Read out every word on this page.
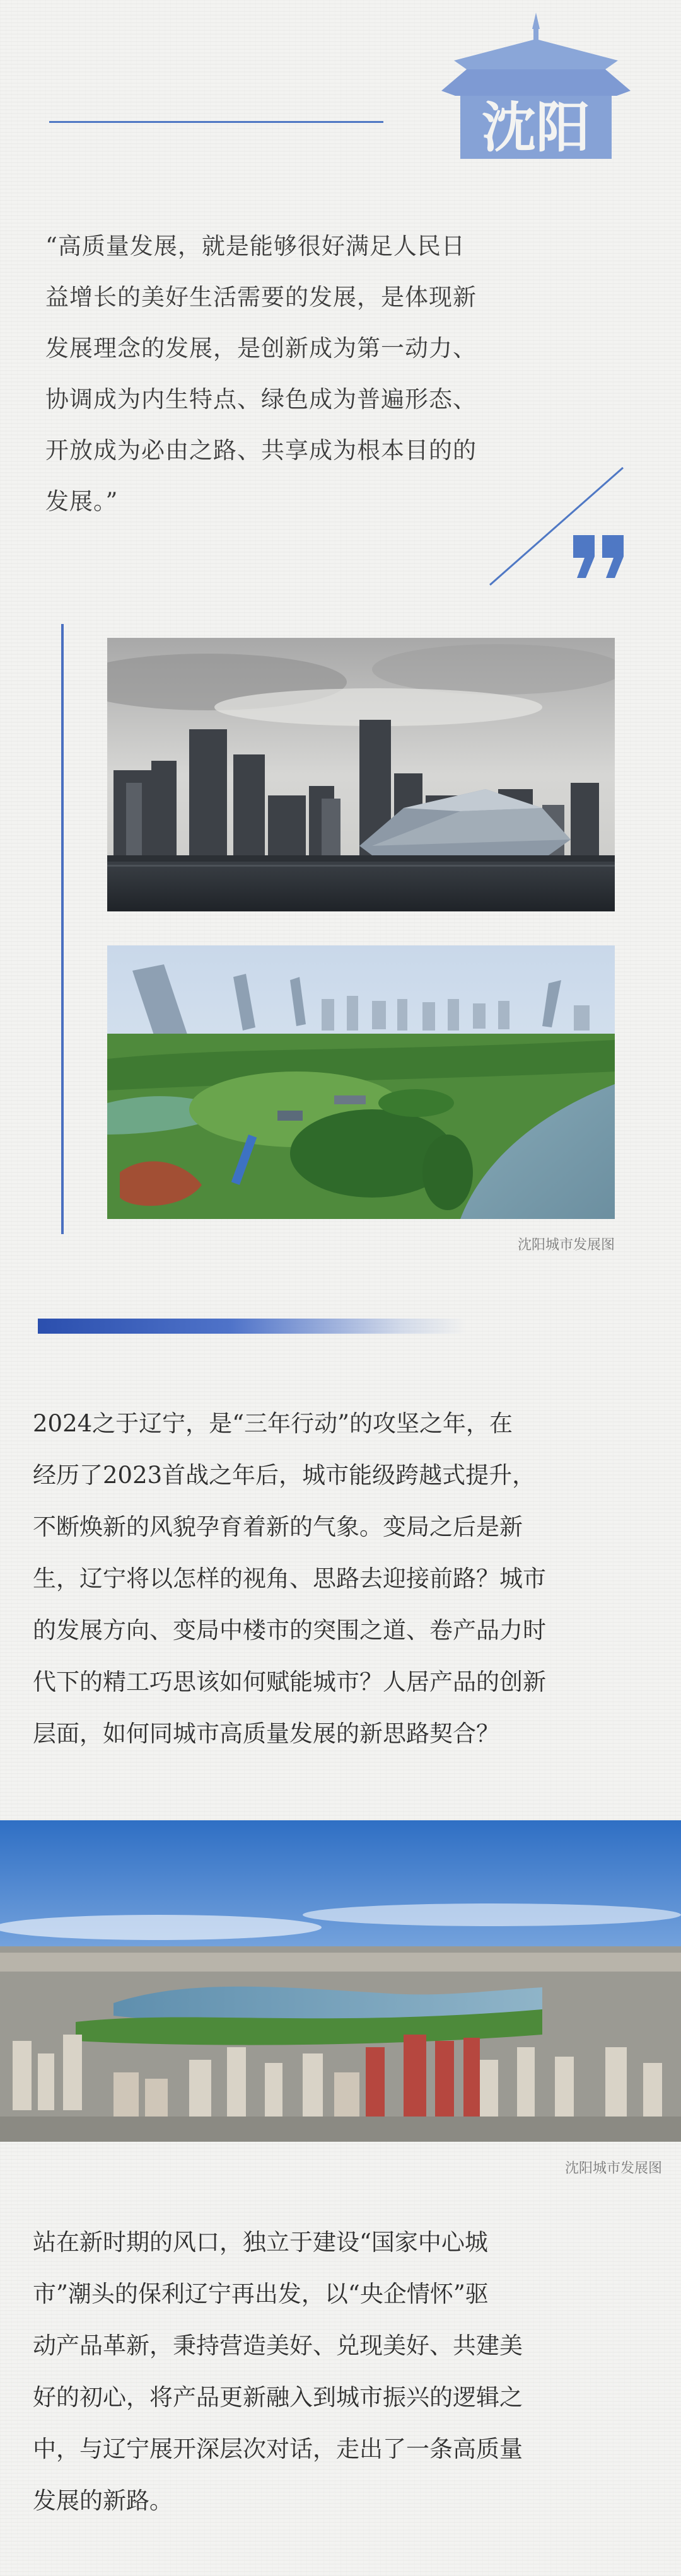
沈阳

“高质量发展，就是能够很好满足人民日

益增长的美好生活需要的发展，是体现新

发展理念的发展，是创新成为第一动力、

协调成为内生特点、绿色成为普遍形态、

开放成为必由之路、共享成为根本目的的

发展。”

沈阳城市发展图

2024之于辽宁，是“三年行动”的攻坚之年，在

经历了2023首战之年后，城市能级跨越式提升，

不断焕新的风貌孕育着新的气象。变局之后是新

生，辽宁将以怎样的视角、思路去迎接前路？城市

的发展方向、变局中楼市的突围之道、卷产品力时

代下的精工巧思该如何赋能城市？人居产品的创新

层面，如何同城市高质量发展的新思路契合？

沈阳城市发展图

站在新时期的风口，独立于建设“国家中心城

市”潮头的保利辽宁再出发，以“央企情怀”驱

动产品革新，秉持营造美好、兑现美好、共建美

好的初心，将产品更新融入到城市振兴的逻辑之

中，与辽宁展开深层次对话，走出了一条高质量

发展的新路。
